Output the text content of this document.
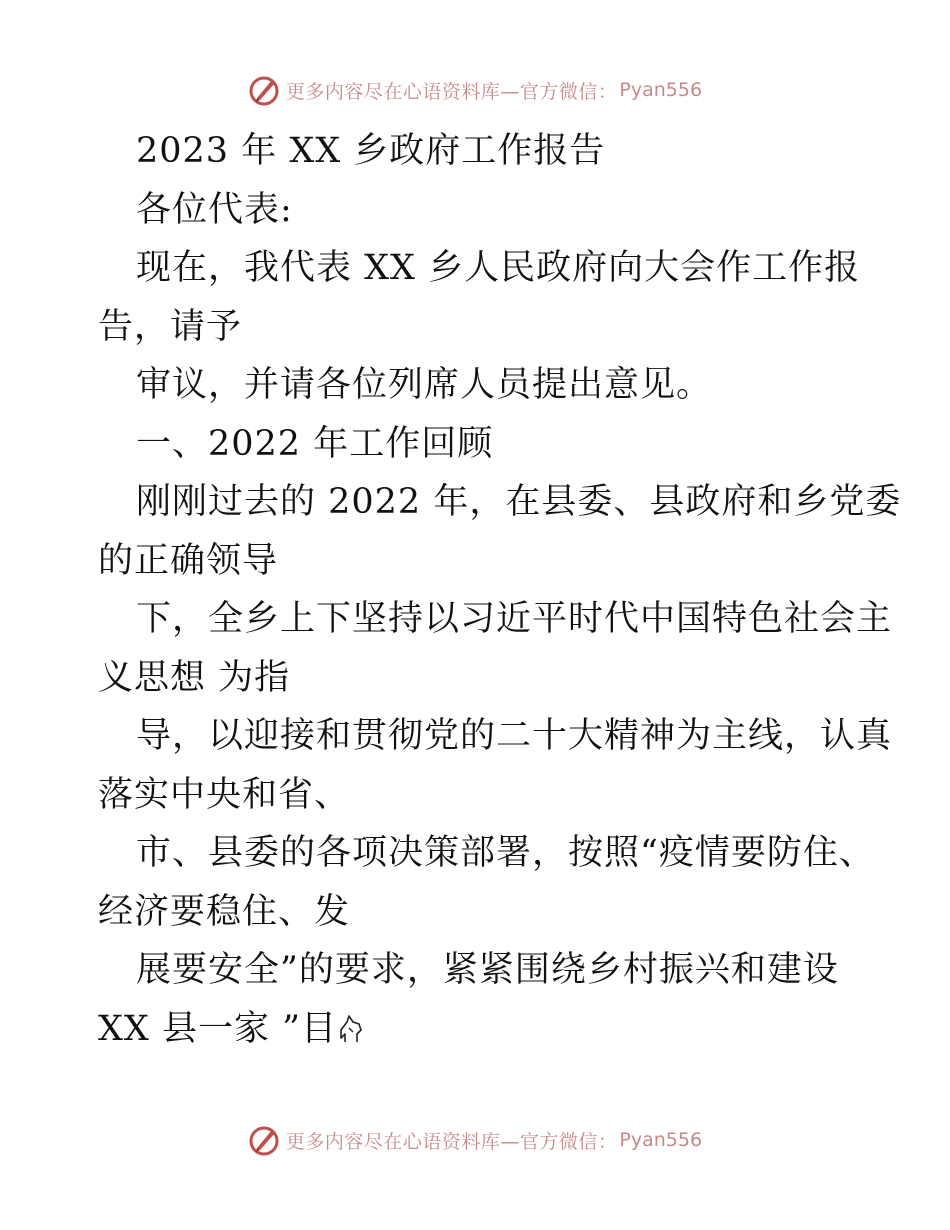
更多内容尽在心语资料库—官方微信： Pyan556
2023 年 XX 乡政府工作报告
各位代表:
现在，我代表 XX 乡人民政府向大会作工作报
告，请予
审议，并请各位列席人员提出意见。
一、2022 年工作回顾
刚刚过去的 2022 年，在县委、县政府和乡党委
的正确领导
下，全乡上下坚持以习近平时代中国特色社会主
义思想 为指
导，以迎接和贯彻党的二十大精神为主线，认真
落实中央和省、
市、县委的各项决策部署，按照“疫情要防住、
经济要稳住、发
展要安全”的要求，紧紧围绕乡村振兴和建设
XX 县一家 ”目
更多内容尽在心语资料库—官方微信： Pyan556
